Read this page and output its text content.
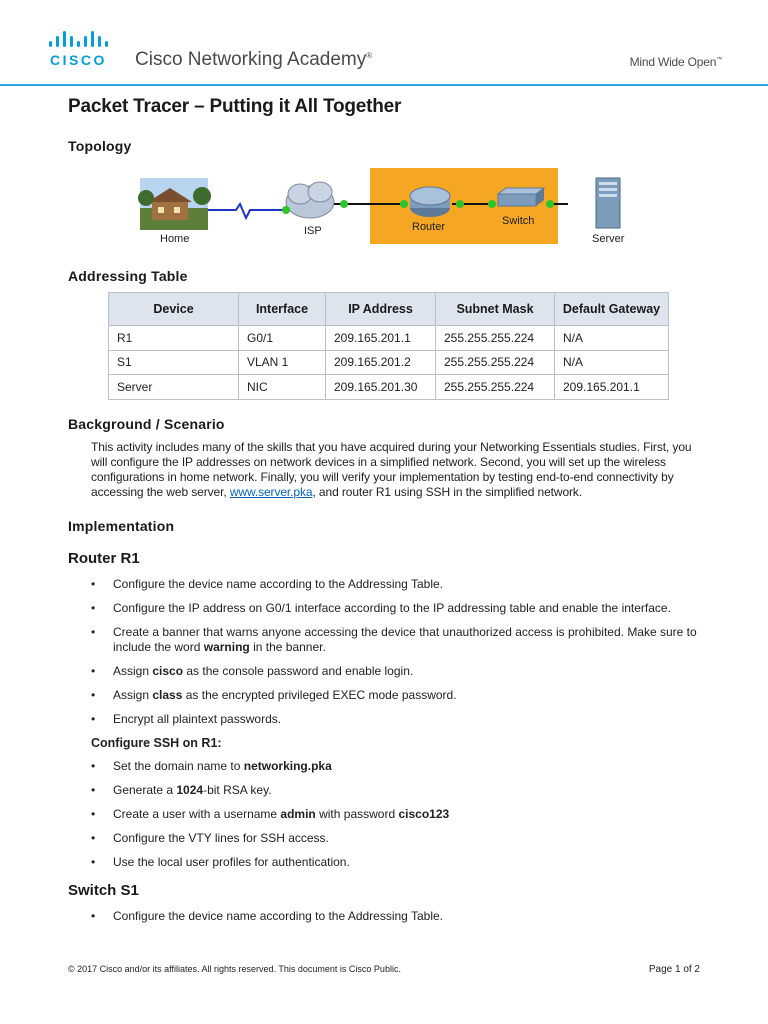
CISCO Cisco Networking Academy®	Mind Wide Open™
Packet Tracer – Putting it All Together
Topology
Home
ISP	Router	Switch
Addressing Table
Device	Interface	IP Address	Subnet Mask	Default Gateway
R1	G0/1	209.165.201.1	255.255.255.224	N/A
S1	VLAN 1	209.165.201.2	255.255.255.224	N/A
Server	NIC	209.165.201.30	255.255.255.224	209.165.201.1
Background / Scenario

This activity includes many of the skills that you have acquired during your Networking Essentials studies. First, you will configure the IP addresses on network devices in a simplified network. Second, you will set up the wireless configurations in home network. Finally, you will verify your implementation by testing end-to-end connectivity by accessing the web server, www.server.pka, and router R1 using SSH in the simplified network.

Implementation
Router R1
• Configure the device name according to the Addressing Table.
• Configure the IP address on G0/1 interface according to the IP addressing table and enable the interface.
• Create a banner that warns anyone accessing the device that unauthorized access is prohibited. Make sure to include the word warning in the banner.
• Assign cisco as the console password and enable login.
• Assign class as the encrypted privileged EXEC mode password.
• Encrypt all plaintext passwords.
Configure SSH on R1:
• Set the domain name to networking.pka
• Generate a 1024-bit RSA key.
• Create a user with a username admin with password cisco123
• Configure the VTY lines for SSH access.
• Use the local user profiles for authentication.
Switch S1
• Configure the device name according to the Addressing Table.
Server
© 2017 Cisco and/or its affiliates. All rights reserved. This document is Cisco Public.	Page 1 of 2
